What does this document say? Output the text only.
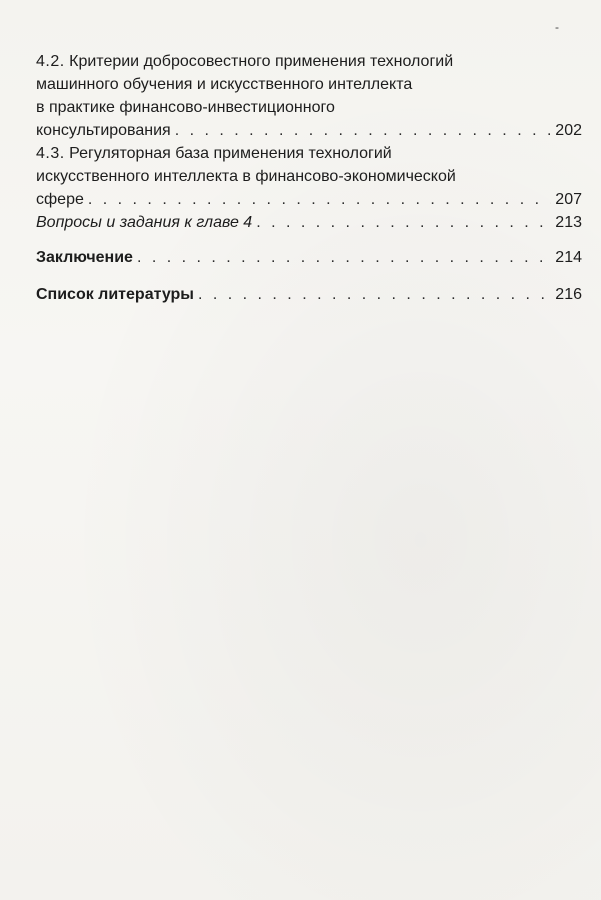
-
4.2. Критерии добросовестного применения технологий
машинного обучения и искусственного интеллекта
в практике финансово-инвестиционного
консультирования . . .	202
4.3. Регуляторная база применения технологий
искусственного интеллекта в финансово-экономической
сфере . . .	207
Вопросы и задания к главе 4 . . .	213
Заключение . . .	214
Список литературы . . .	216
